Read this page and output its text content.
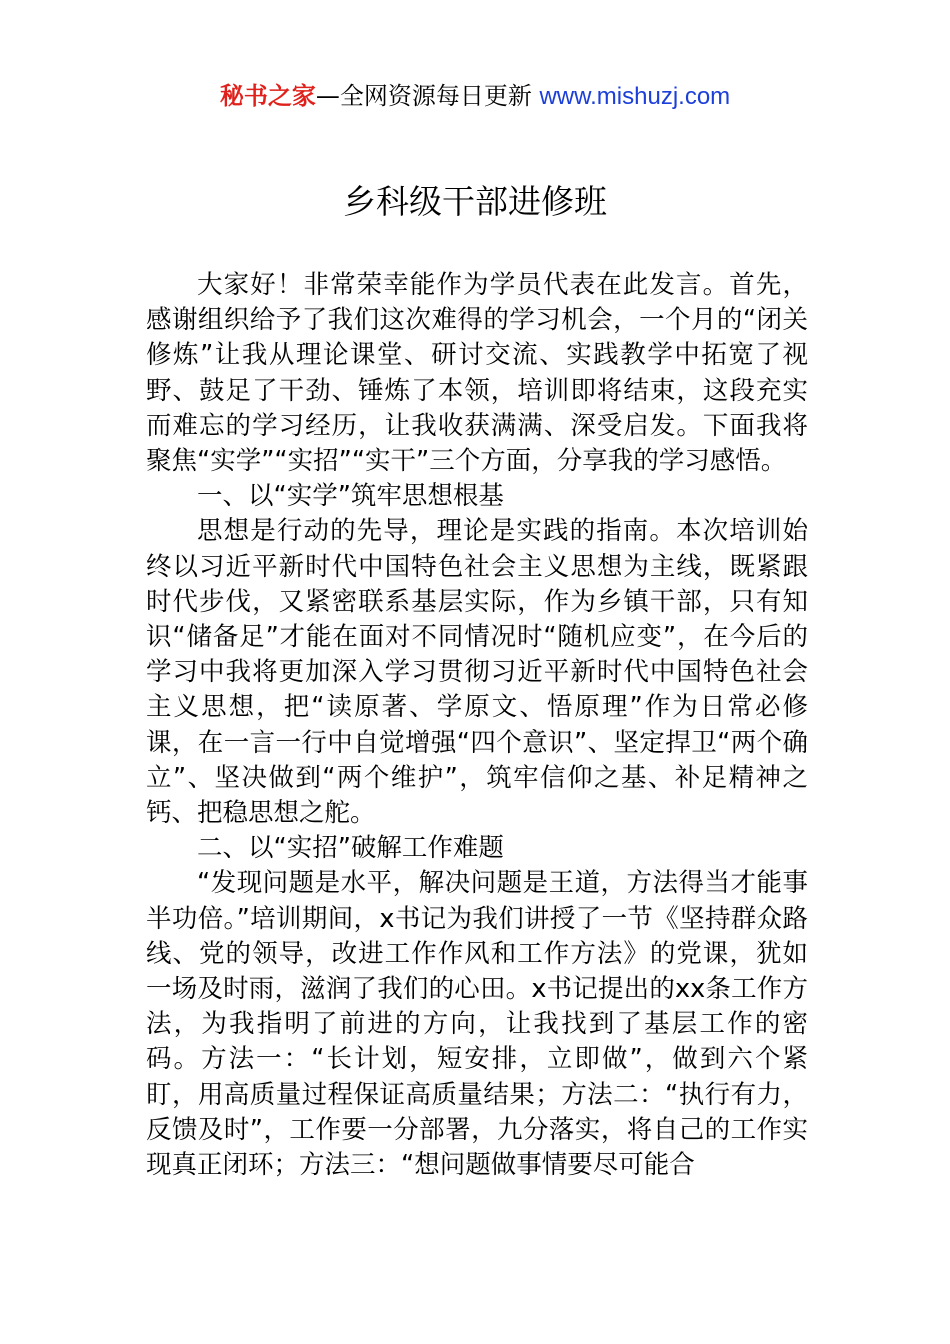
秘书之家—全网资源每日更新 www.mishuzj.com
乡科级干部进修班

大家好！非常荣幸能作为学员代表在此发言。首先，感谢组织给予了我们这次难得的学习机会，一个月的“闭关修炼”让我从理论课堂、研讨交流、实践教学中拓宽了视野、鼓足了干劲、锤炼了本领，培训即将结束，这段充实而难忘的学习经历，让我收获满满、深受启发。下面我将聚焦“实学”“实招”“实干”三个方面，分享我的学习感悟。

一、以“实学”筑牢思想根基

思想是行动的先导，理论是实践的指南。本次培训始终以习近平新时代中国特色社会主义思想为主线，既紧跟时代步伐，又紧密联系基层实际，作为乡镇干部，只有知识“储备足”才能在面对不同情况时“随机应变”，在今后的学习中我将更加深入学习贯彻习近平新时代中国特色社会主义思想，把“读原著、学原文、悟原理”作为日常必修课，在一言一行中自觉增强“四个意识”、坚定捍卫“两个确立”、坚决做到“两个维护”，筑牢信仰之基、补足精神之钙、把稳思想之舵。

二、以“实招”破解工作难题

“发现问题是水平，解决问题是王道，方法得当才能事半功倍。”培训期间，x书记为我们讲授了一节《坚持群众路线、党的领导，改进工作作风和工作方法》的党课，犹如一场及时雨，滋润了我们的心田。x书记提出的xx条工作方法，为我指明了前进的方向，让我找到了基层工作的密码。方法一：“长计划，短安排，立即做”，做到六个紧盯，用高质量过程保证高质量结果；方法二：“执行有力，反馈及时”，工作要一分部署，九分落实，将自己的工作实现真正闭环；方法三：“想问题做事情要尽可能合
